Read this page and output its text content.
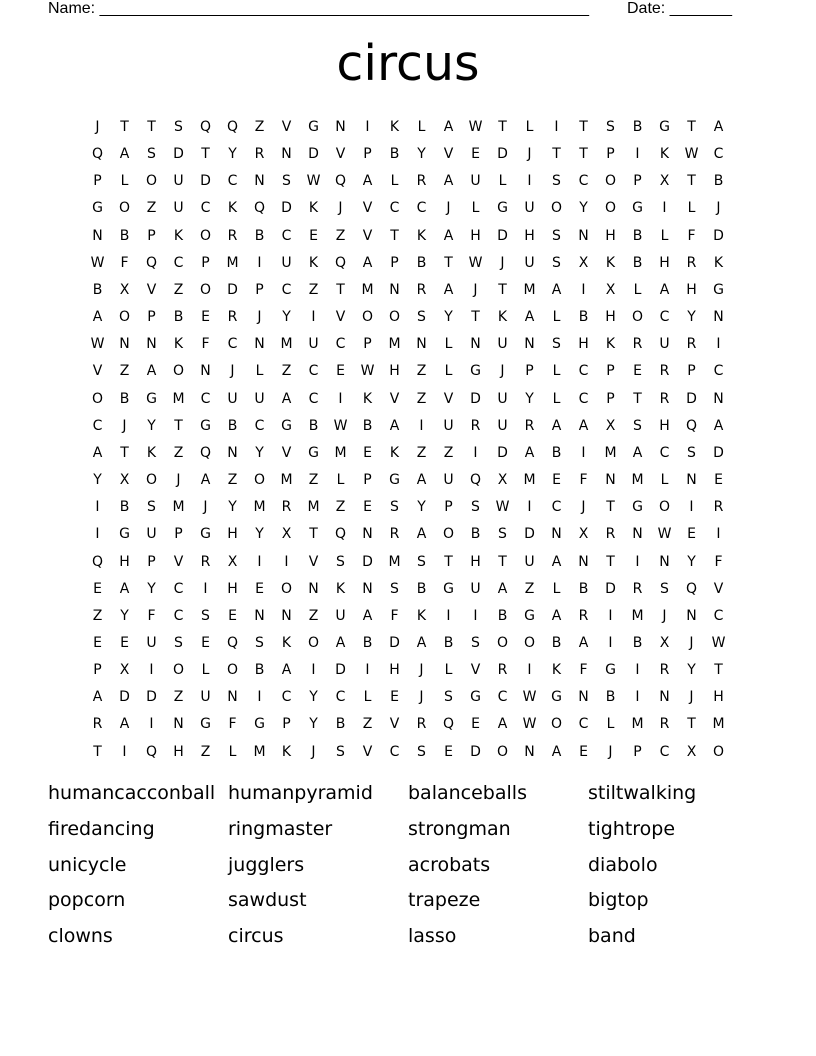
Name: _______________________________________________________ Date: _______
circus
J	T	T	S	Q	Q	Z	V	G	N	I	K	L	A	W	T	L	I	T	S	B	G	T	A
Q	A	S	D	T	Y	R	N	D	V	P	B	Y	V	E	D	J	T	T	P	I	K	W	C
P	L	O	U	D	C	N	S	W	Q	A	L	R	A	U	L	I	S	C	O	P	X	T	B
G	O	Z	U	C	K	Q	D	K	J	V	C	C	J	L	G	U	O	Y	O	G	I	L	J
N	B	P	K	O	R	B	C	E	Z	V	T	K	A	H	D	H	S	N	H	B	L	F	D
W	F	Q	C	P	M	I	U	K	Q	A	P	B	T	W	J	U	S	X	K	B	H	R	K
B	X	V	Z	O	D	P	C	Z	T	M	N	R	A	J	T	M	A	I	X	L	A	H	G
A	O	P	B	E	R	J	Y	I	V	O	O	S	Y	T	K	A	L	B	H	O	C	Y	N
W	N	N	K	F	C	N	M	U	C	P	M	N	L	N	U	N	S	H	K	R	U	R	I
V	Z	A	O	N	J	L	Z	C	E	W	H	Z	L	G	J	P	L	C	P	E	R	P	C
O	B	G	M	C	U	U	A	C	I	K	V	Z	V	D	U	Y	L	C	P	T	R	D	N
C	J	Y	T	G	B	C	G	B	W	B	A	I	U	R	U	R	A	A	X	S	H	Q	A
A	T	K	Z	Q	N	Y	V	G	M	E	K	Z	Z	I	D	A	B	I	M	A	C	S	D
Y	X	O	J	A	Z	O	M	Z	L	P	G	A	U	Q	X	M	E	F	N	M	L	N	E
I	B	S	M	J	Y	M	R	M	Z	E	S	Y	P	S	W	I	C	J	T	G	O	I	R
I	G	U	P	G	H	Y	X	T	Q	N	R	A	O	B	S	D	N	X	R	N	W	E	I
Q	H	P	V	R	X	I	I	V	S	D	M	S	T	H	T	U	A	N	T	I	N	Y	F
E	A	Y	C	I	H	E	O	N	K	N	S	B	G	U	A	Z	L	B	D	R	S	Q	V
Z	Y	F	C	S	E	N	N	Z	U	A	F	K	I	I	B	G	A	R	I	M	J	N	C
E	E	U	S	E	Q	S	K	O	A	B	D	A	B	S	O	O	B	A	I	B	X	J	W
P	X	I	O	L	O	B	A	I	D	I	H	J	L	V	R	I	K	F	G	I	R	Y	T
A	D	D	Z	U	N	I	C	Y	C	L	E	J	S	G	C	W	G	N	B	I	N	J	H
R	A	I	N	G	F	G	P	Y	B	Z	V	R	Q	E	A	W	O	C	L	M	R	T	M
T	I	Q	H	Z	L	M	K	J	S	V	C	S	E	D	O	N	A	E	J	P	C	X	O
humancacconball humanpyramid	balanceballs	stiltwalking
firedancing	ringmaster	strongman	tightrope
unicycle	jugglers	acrobats	diabolo
popcorn	sawdust	trapeze	bigtop
clowns	circus	lasso	band
